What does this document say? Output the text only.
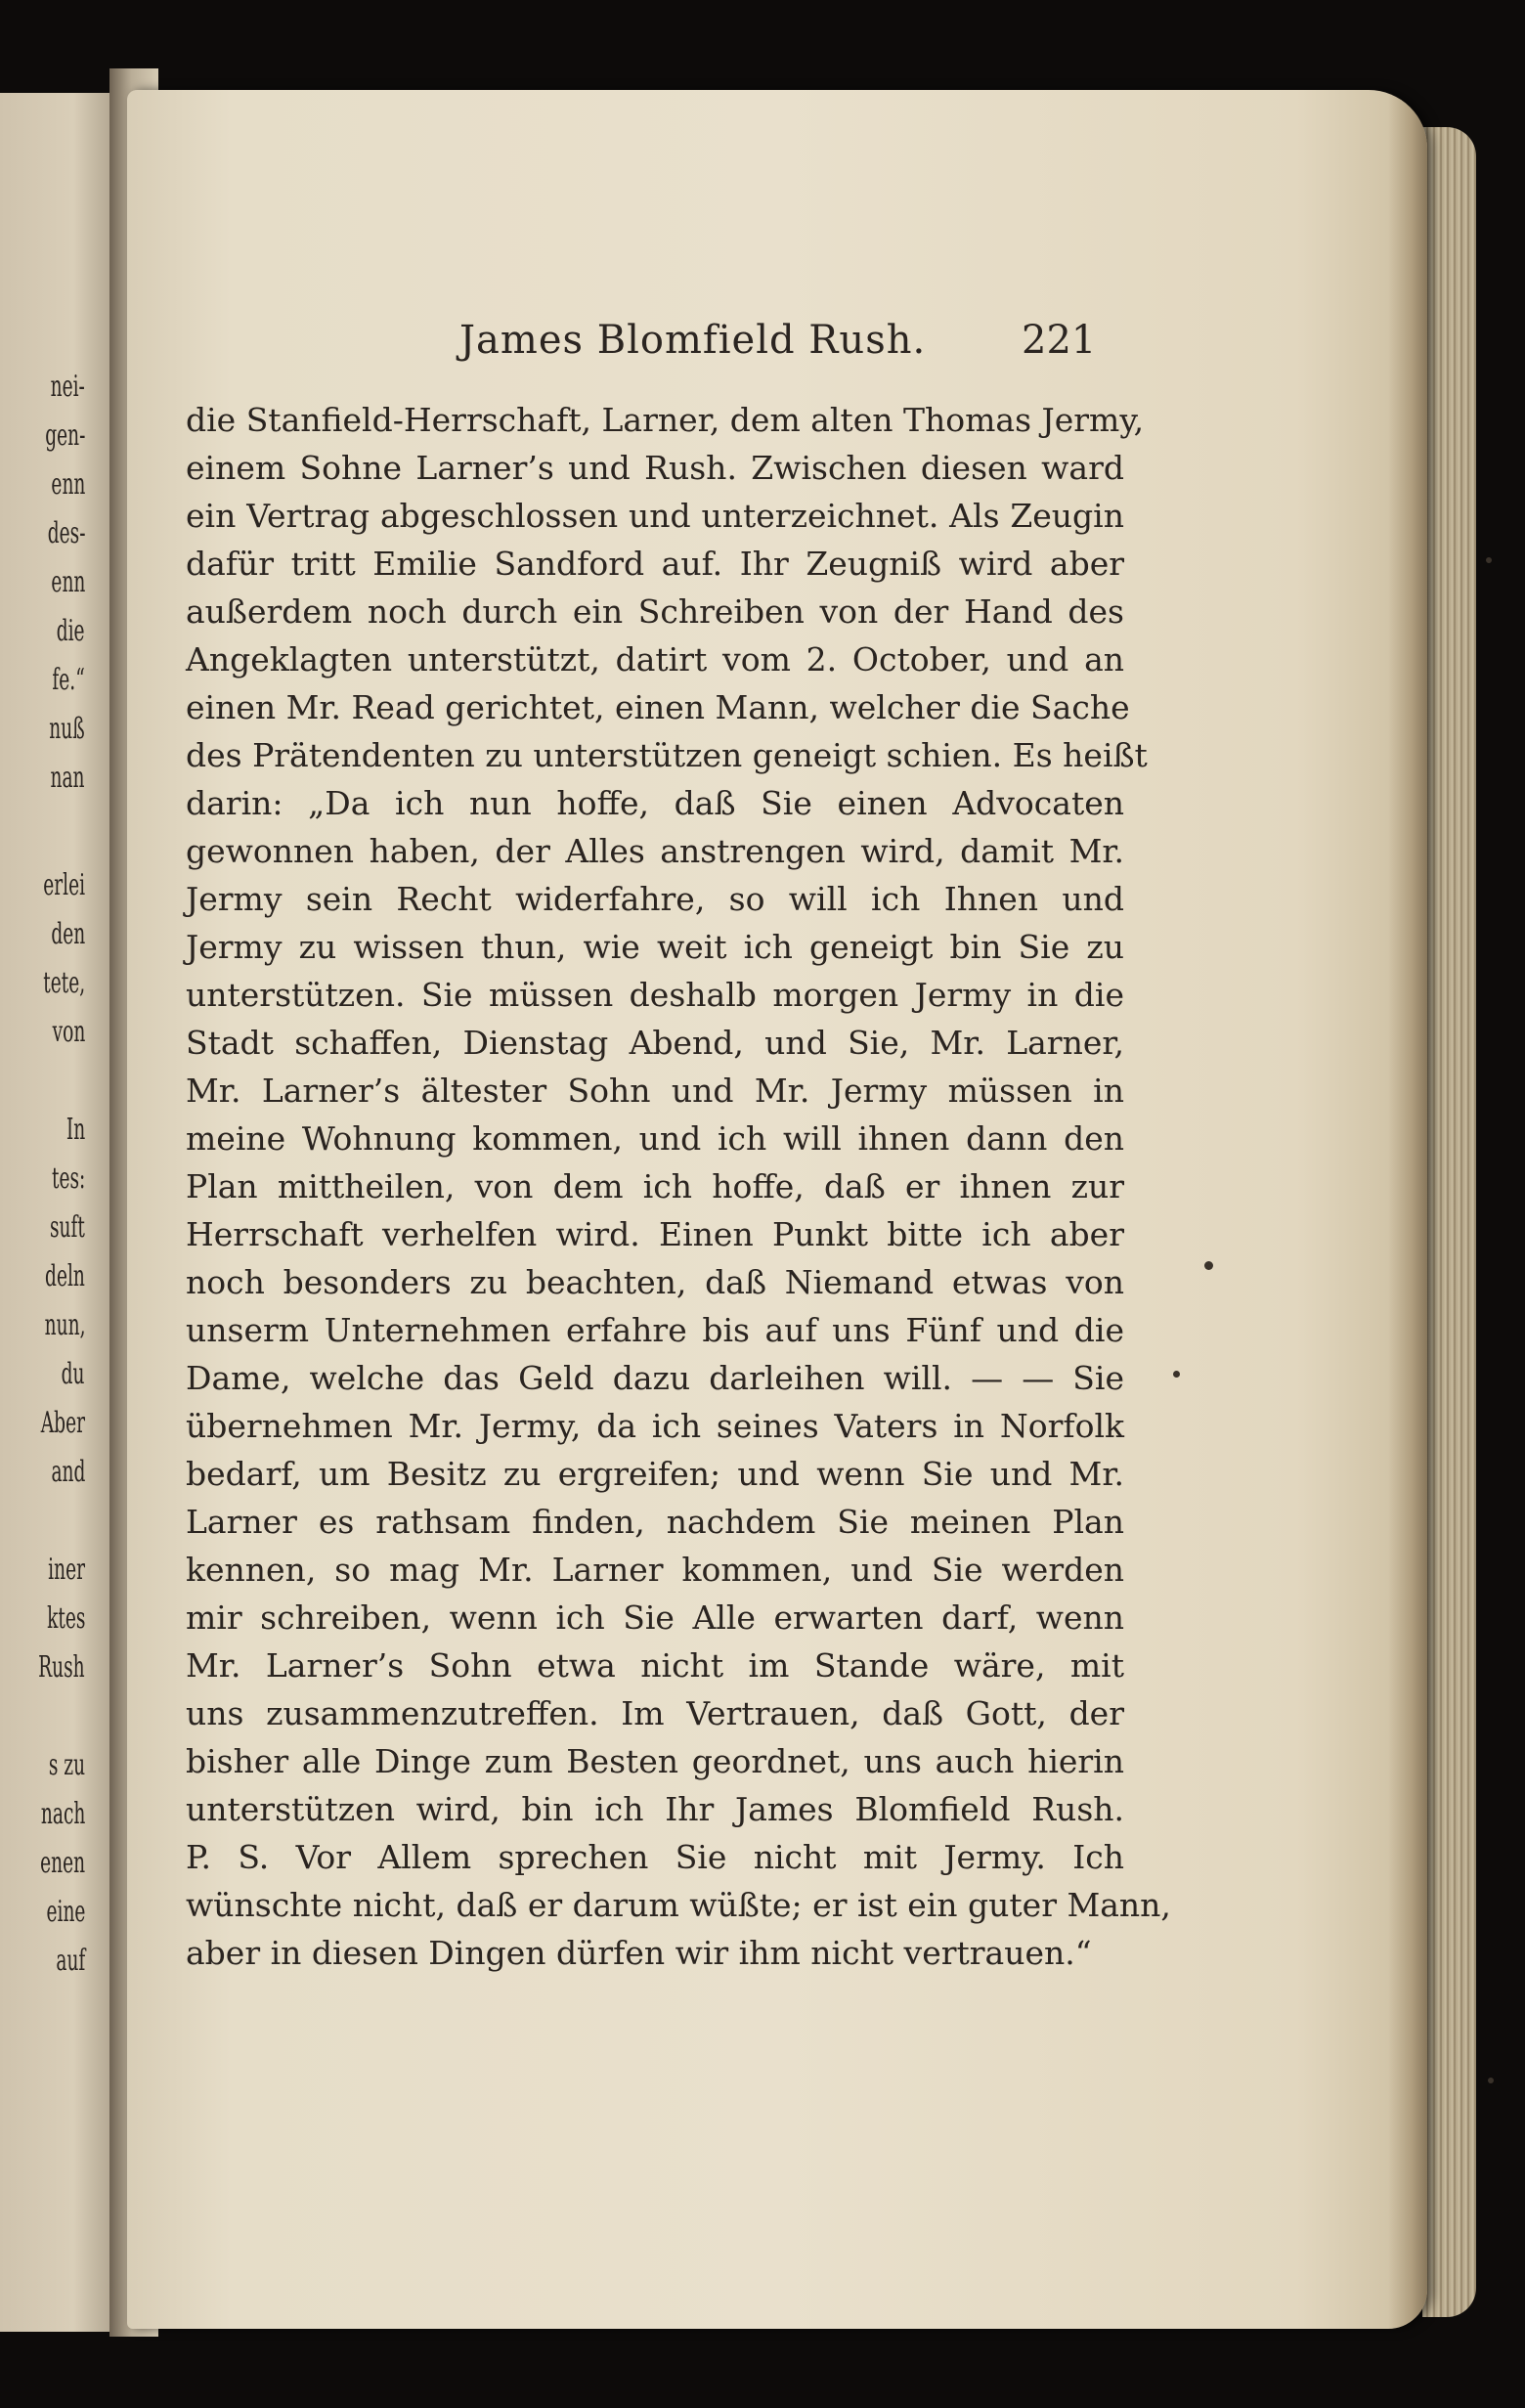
nei-
gen-
enn
des-
enn
die
fe.“
nuß
nan
erlei
den
tete,
von
In
tes:
suft
deln
nun,
du
Aber
and
iner
ktes
Rush
s zu
nach
enen
eine
auf
James Blomfield Rush. 221
die Stanfield-Herrschaft, Larner, dem alten Thomas Jermy,
einem Sohne Larner’s und Rush. Zwischen diesen ward
ein Vertrag abgeschlossen und unterzeichnet. Als Zeugin
dafür tritt Emilie Sandford auf. Ihr Zeugniß wird aber
außerdem noch durch ein Schreiben von der Hand des
Angeklagten unterstützt, datirt vom 2. October, und an
einen Mr. Read gerichtet, einen Mann, welcher die Sache
des Prätendenten zu unterstützen geneigt schien. Es heißt
darin: „Da ich nun hoffe, daß Sie einen Advocaten
gewonnen haben, der Alles anstrengen wird, damit Mr.
Jermy sein Recht widerfahre, so will ich Ihnen und
Jermy zu wissen thun, wie weit ich geneigt bin Sie zu
unterstützen. Sie müssen deshalb morgen Jermy in die
Stadt schaffen, Dienstag Abend, und Sie, Mr. Larner,
Mr. Larner’s ältester Sohn und Mr. Jermy müssen in
meine Wohnung kommen, und ich will ihnen dann den
Plan mittheilen, von dem ich hoffe, daß er ihnen zur
Herrschaft verhelfen wird. Einen Punkt bitte ich aber
noch besonders zu beachten, daß Niemand etwas von
unserm Unternehmen erfahre bis auf uns Fünf und die
Dame, welche das Geld dazu darleihen will. — — Sie
übernehmen Mr. Jermy, da ich seines Vaters in Norfolk
bedarf, um Besitz zu ergreifen; und wenn Sie und Mr.
Larner es rathsam finden, nachdem Sie meinen Plan
kennen, so mag Mr. Larner kommen, und Sie werden
mir schreiben, wenn ich Sie Alle erwarten darf, wenn
Mr. Larner’s Sohn etwa nicht im Stande wäre, mit
uns zusammenzutreffen. Im Vertrauen, daß Gott, der
bisher alle Dinge zum Besten geordnet, uns auch hierin
unterstützen wird, bin ich Ihr James Blomfield Rush.
P. S. Vor Allem sprechen Sie nicht mit Jermy. Ich
wünschte nicht, daß er darum wüßte; er ist ein guter Mann,
aber in diesen Dingen dürfen wir ihm nicht vertrauen.“
